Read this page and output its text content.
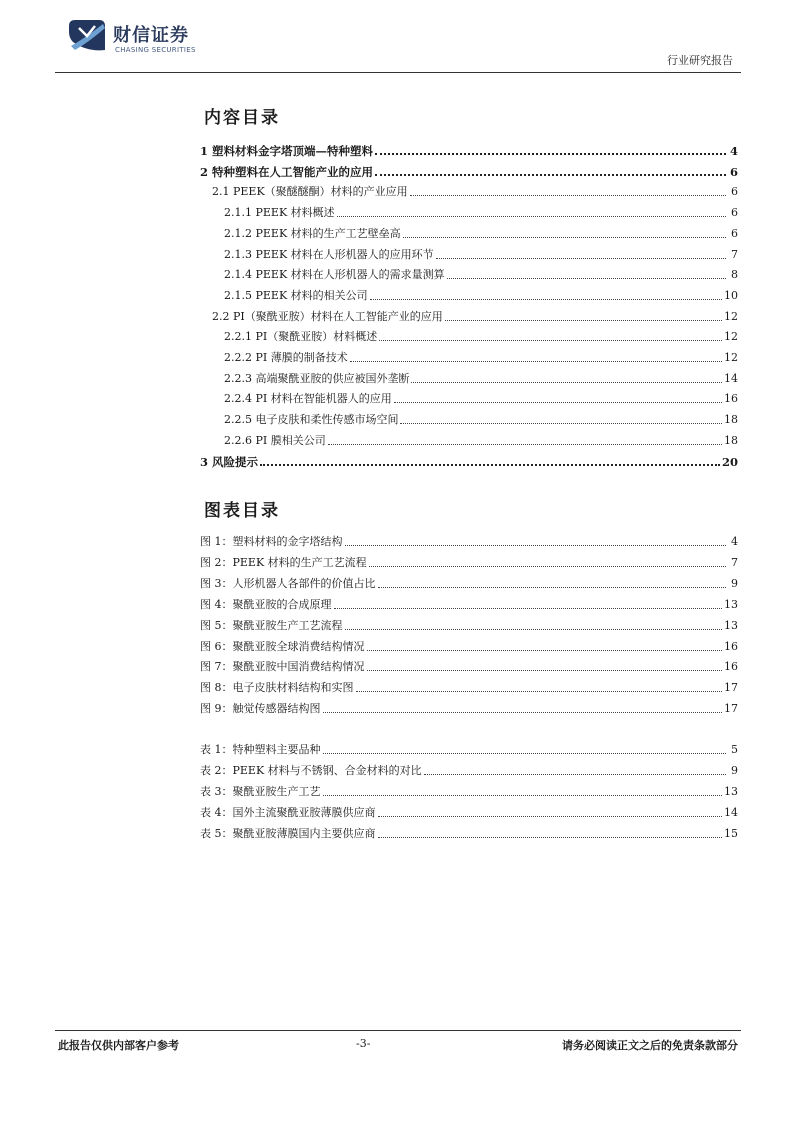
财信证券
CHASING SECURITIES
行业研究报告
内容目录
1 塑料材料金字塔顶端—特种塑料	4
2 特种塑料在人工智能产业的应用	6
2.1 PEEK（聚醚醚酮）材料的产业应用	6
2.1.1 PEEK 材料概述	6
2.1.2 PEEK 材料的生产工艺壁垒高	6
2.1.3 PEEK 材料在人形机器人的应用环节	7
2.1.4 PEEK 材料在人形机器人的需求量测算	8
2.1.5 PEEK 材料的相关公司	10
2.2 PI（聚酰亚胺）材料在人工智能产业的应用	12
2.2.1 PI（聚酰亚胺）材料概述	12
2.2.2 PI 薄膜的制备技术	12
2.2.3 高端聚酰亚胺的供应被国外垄断	14
2.2.4 PI 材料在智能机器人的应用	16
2.2.5 电子皮肤和柔性传感市场空间	18
2.2.6 PI 膜相关公司	18
3 风险提示	20
图表目录
图 1：塑料材料的金字塔结构	4
图 2：PEEK 材料的生产工艺流程	7
图 3：人形机器人各部件的价值占比	9
图 4：聚酰亚胺的合成原理	13
图 5：聚酰亚胺生产工艺流程	13
图 6：聚酰亚胺全球消费结构情况	16
图 7：聚酰亚胺中国消费结构情况	16
图 8：电子皮肤材料结构和实图	17
图 9：触觉传感器结构图	17
表 1：特种塑料主要品种	5
表 2：PEEK 材料与不锈钢、合金材料的对比	9
表 3：聚酰亚胺生产工艺	13
表 4：国外主流聚酰亚胺薄膜供应商	14
表 5：聚酰亚胺薄膜国内主要供应商	15
此报告仅供内部客户参考	-3-	请务必阅读正文之后的免责条款部分
